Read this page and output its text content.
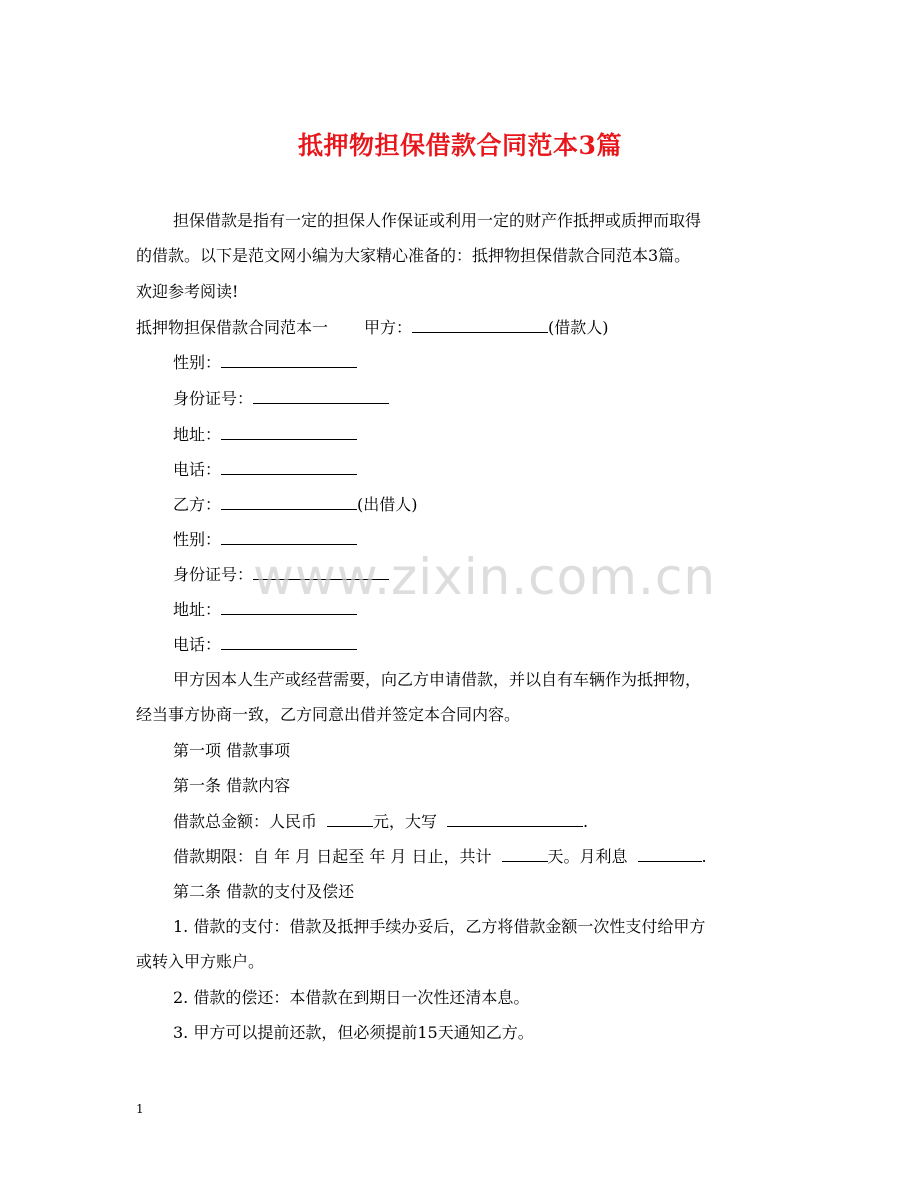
抵押物担保借款合同范本3篇
担保借款是指有一定的担保人作保证或利用一定的财产作抵押或质押而取得
的借款。以下是范文网小编为大家精心准备的：抵押物担保借款合同范本3篇。
欢迎参考阅读!
抵押物担保借款合同范本一 甲方：	(借款人)
性别：
身份证号：
地址：
电话：
乙方：	(出借人)
性别：
身份证号：
地址：
电话：
甲方因本人生产或经营需要，向乙方申请借款，并以自有车辆作为抵押物，
经当事方协商一致，乙方同意出借并签定本合同内容。
第一项 借款事项
第一条 借款内容
借款总金额：人民币	元，大写	.
借款期限：自 年 月 日起至 年 月 日止，共计	天。月利息	.
第二条 借款的支付及偿还
1. 借款的支付：借款及抵押手续办妥后，乙方将借款金额一次性支付给甲方
或转入甲方账户。
2. 借款的偿还：本借款在到期日一次性还清本息。
3. 甲方可以提前还款，但必须提前15天通知乙方。
www.zixin.com.cn
1
